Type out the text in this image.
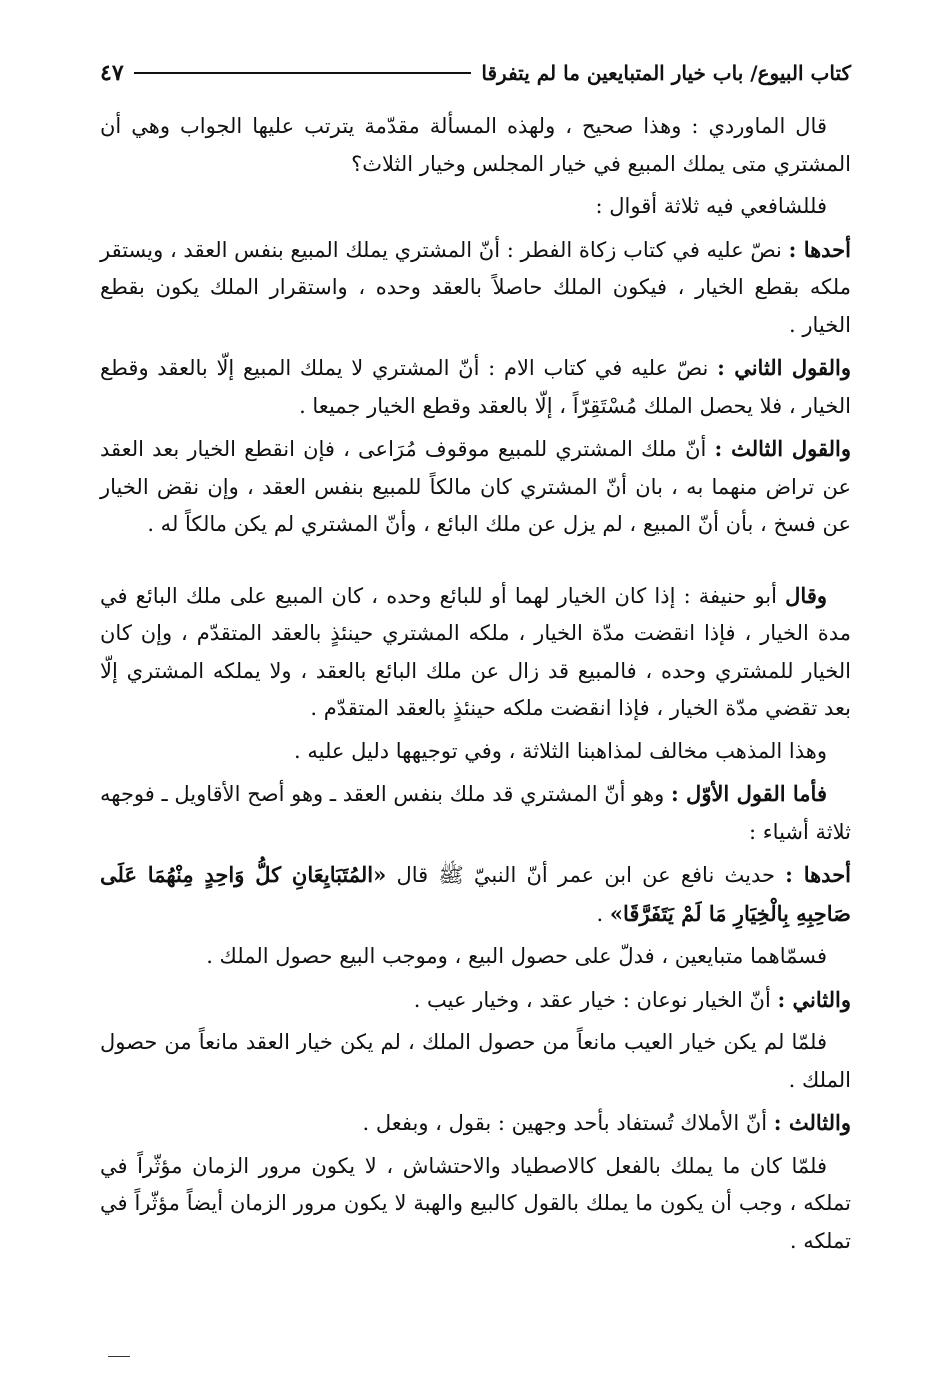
كتاب البيوع/ باب خيار المتبايعين ما لم يتفرقا
٤٧

قال الماوردي : وهذا صحيح ، ولهذه المسألة مقدّمة يترتب عليها الجواب وهي أن المشتري متى يملك المبيع في خيار المجلس وخيار الثلاث؟

فللشافعي فيه ثلاثة أقوال :

أحدها : نصّ عليه في كتاب زكاة الفطر : أنّ المشتري يملك المبيع بنفس العقد ، ويستقر ملكه بقطع الخيار ، فيكون الملك حاصلاً بالعقد وحده ، واستقرار الملك يكون بقطع الخيار .

والقول الثاني : نصّ عليه في كتاب الام : أنّ المشتري لا يملك المبيع إلّا بالعقد وقطع الخيار ، فلا يحصل الملك مُسْتَقِرّاً ، إلّا بالعقد وقطع الخيار جميعا .

والقول الثالث : أنّ ملك المشتري للمبيع موقوف مُرَاعى ، فإن انقطع الخيار بعد العقد عن تراض منهما به ، بان أنّ المشتري كان مالكاً للمبيع بنفس العقد ، وإن نقض الخيار عن فسخ ، بأن أنّ المبيع ، لم يزل عن ملك البائع ، وأنّ المشتري لم يكن مالكاً له .

وقال أبو حنيفة : إذا كان الخيار لهما أو للبائع وحده ، كان المبيع على ملك البائع في مدة الخيار ، فإذا انقضت مدّة الخيار ، ملكه المشتري حينئذٍ بالعقد المتقدّم ، وإن كان الخيار للمشتري وحده ، فالمبيع قد زال عن ملك البائع بالعقد ، ولا يملكه المشتري إلّا بعد تقضي مدّة الخيار ، فإذا انقضت ملكه حينئذٍ بالعقد المتقدّم .

وهذا المذهب مخالف لمذاهبنا الثلاثة ، وفي توجيهها دليل عليه .

فأما القول الأوّل : وهو أنّ المشتري قد ملك بنفس العقد ـ وهو أصح الأقاويل ـ فوجهه ثلاثة أشياء :

أحدها : حديث نافع عن ابن عمر أنّ النبيّ ﷺ قال «المُتَبَايِعَانِ كلُّ وَاحِدٍ مِنْهُمَا عَلَى صَاحِبِهِ بِالْخِيَارِ مَا لَمْ يَتَفَرَّقَا» .

فسمّاهما متبايعين ، فدلّ على حصول البيع ، وموجب البيع حصول الملك .

والثاني : أنّ الخيار نوعان : خيار عقد ، وخيار عيب .

فلمّا لم يكن خيار العيب مانعاً من حصول الملك ، لم يكن خيار العقد مانعاً من حصول الملك .

والثالث : أنّ الأملاك تُستفاد بأحد وجهين : بقول ، وبفعل .

فلمّا كان ما يملك بالفعل كالاصطياد والاحتشاش ، لا يكون مرور الزمان مؤثّراً في تملكه ، وجب أن يكون ما يملك بالقول كالبيع والهبة لا يكون مرور الزمان أيضاً مؤثّراً في تملكه .
